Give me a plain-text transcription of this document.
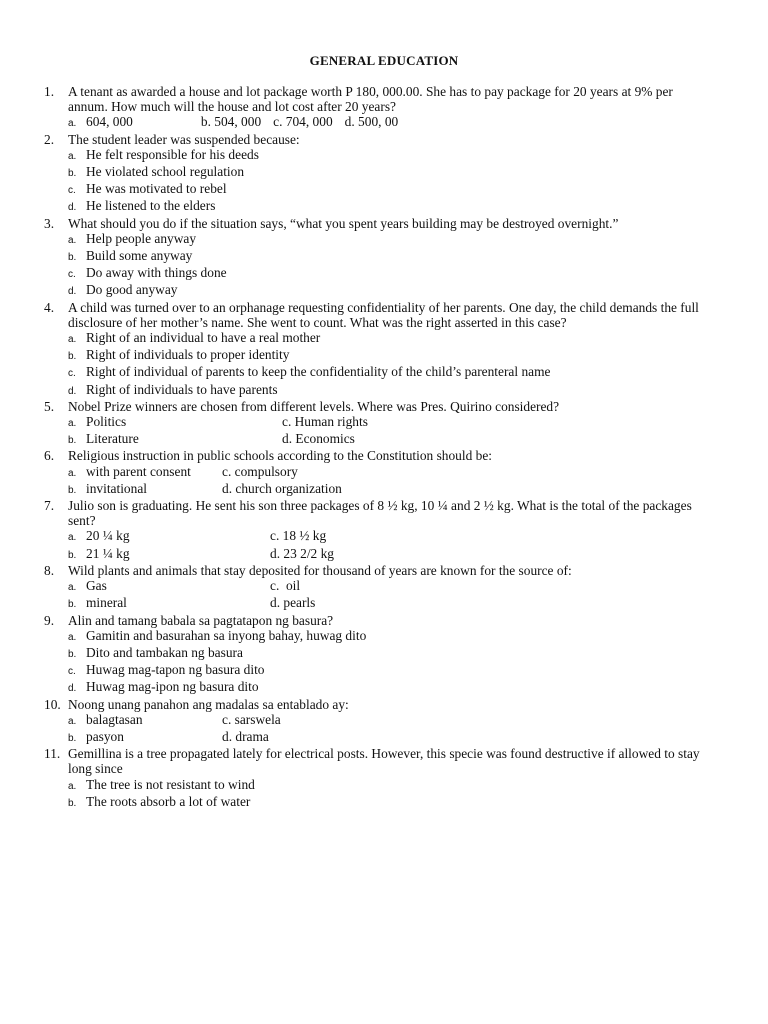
GENERAL EDUCATION
1.	A tenant as awarded a house and lot package worth P 180, 000.00. She has to pay package for 20 years at 9% per annum. How much will the house and lot cost after 20 years?
a. 604, 000	b. 504, 000 c. 704, 000 d. 500, 00
2.	The student leader was suspended because:
a. He felt responsible for his deeds
b. He violated school regulation
c. He was motivated to rebel
d. He listened to the elders
3.	What should you do if the situation says, “what you spent years building may be destroyed overnight.”
a. Help people anyway
b. Build some anyway
c. Do away with things done
d. Do good anyway
4.	A child was turned over to an orphanage requesting confidentiality of her parents. One day, the child demands the full disclosure of her mother’s name. She went to count. What was the right asserted in this case?
a. Right of an individual to have a real mother
b. Right of individuals to proper identity
c. Right of individual of parents to keep the confidentiality of the child’s parenteral name
d. Right of individuals to have parents
5.	Nobel Prize winners are chosen from different levels. Where was Pres. Quirino considered?
a. Politics	c. Human rights
b. Literature	d. Economics
6.	Religious instruction in public schools according to the Constitution should be:
a. with parent consent c. compulsory
b. invitational	d. church organization
7.	Julio son is graduating. He sent his son three packages of 8 ½ kg, 10 ¼ and 2 ½ kg. What is the total of the packages sent?
a. 20 ¼ kg	c. 18 ½ kg
b. 21 ¼ kg	d. 23 2/2 kg
8.	Wild plants and animals that stay deposited for thousand of years are known for the source of:
a. Gas	c.  oil
b. mineral	d. pearls
9.	Alin and tamang babala sa pagtatapon ng basura?
a. Gamitin and basurahan sa inyong bahay, huwag dito
b. Dito and tambakan ng basura
c. Huwag mag-tapon ng basura dito
d. Huwag mag-ipon ng basura dito
10. Noong unang panahon ang madalas sa entablado ay:
a. balagtasan	c. sarswela
b. pasyon	d. drama
11. Gemillina is a tree propagated lately for electrical posts. However, this specie was found destructive if allowed to stay long since
a. The tree is not resistant to wind
b. The roots absorb a lot of water
